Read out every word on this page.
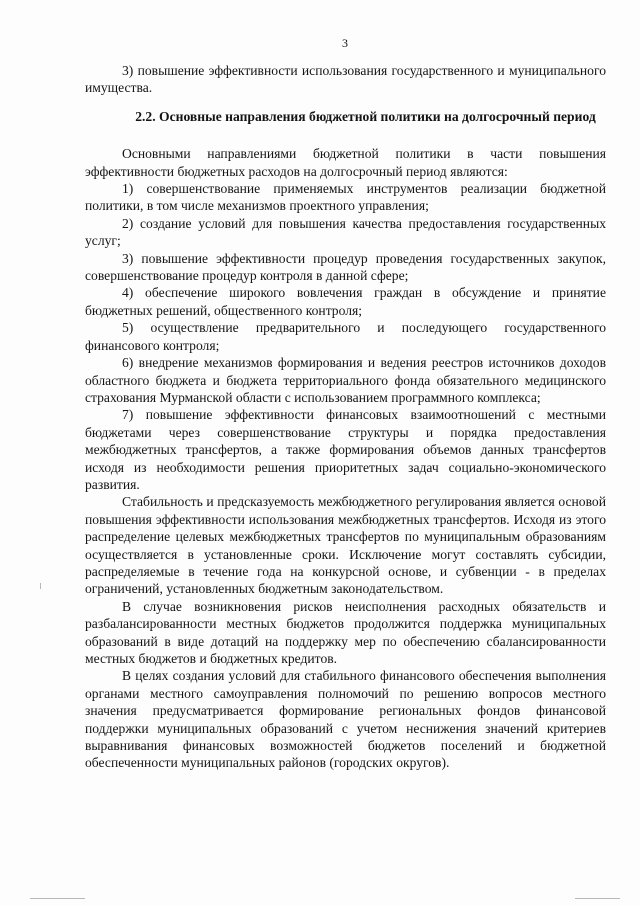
3

3) повышение эффективности использования государственного и муниципального имущества.

2.2. Основные направления бюджетной политики на долгосрочный период

Основными направлениями бюджетной политики в части повышения эффективности бюджетных расходов на долгосрочный период являются:

1) совершенствование применяемых инструментов реализации бюджетной политики, в том числе механизмов проектного управления;

2) создание условий для повышения качества предоставления государственных услуг;

3) повышение эффективности процедур проведения государственных закупок, совершенствование процедур контроля в данной сфере;

4) обеспечение широкого вовлечения граждан в обсуждение и принятие бюджетных решений, общественного контроля;

5) осуществление предварительного и последующего государственного финансового контроля;

6) внедрение механизмов формирования и ведения реестров источников доходов областного бюджета и бюджета территориального фонда обязательного медицинского страхования Мурманской области с использованием программного комплекса;

7) повышение эффективности финансовых взаимоотношений с местными бюджетами через совершенствование структуры и порядка предоставления межбюджетных трансфертов, а также формирования объемов данных трансфертов исходя из необходимости решения приоритетных задач социально-экономического развития.

Стабильность и предсказуемость межбюджетного регулирования является основой повышения эффективности использования межбюджетных трансфертов. Исходя из этого распределение целевых межбюджетных трансфертов по муниципальным образованиям осуществляется в установленные сроки. Исключение могут составлять субсидии, распределяемые в течение года на конкурсной основе, и субвенции - в пределах ограничений, установленных бюджетным законодательством.

В случае возникновения рисков неисполнения расходных обязательств и разбалансированности местных бюджетов продолжится поддержка муниципальных образований в виде дотаций на поддержку мер по обеспечению сбалансированности местных бюджетов и бюджетных кредитов.

В целях создания условий для стабильного финансового обеспечения выполнения органами местного самоуправления полномочий по решению вопросов местного значения предусматривается формирование региональных фондов финансовой поддержки муниципальных образований с учетом неснижения значений критериев выравнивания финансовых возможностей бюджетов поселений и бюджетной обеспеченности муниципальных районов (городских округов).
